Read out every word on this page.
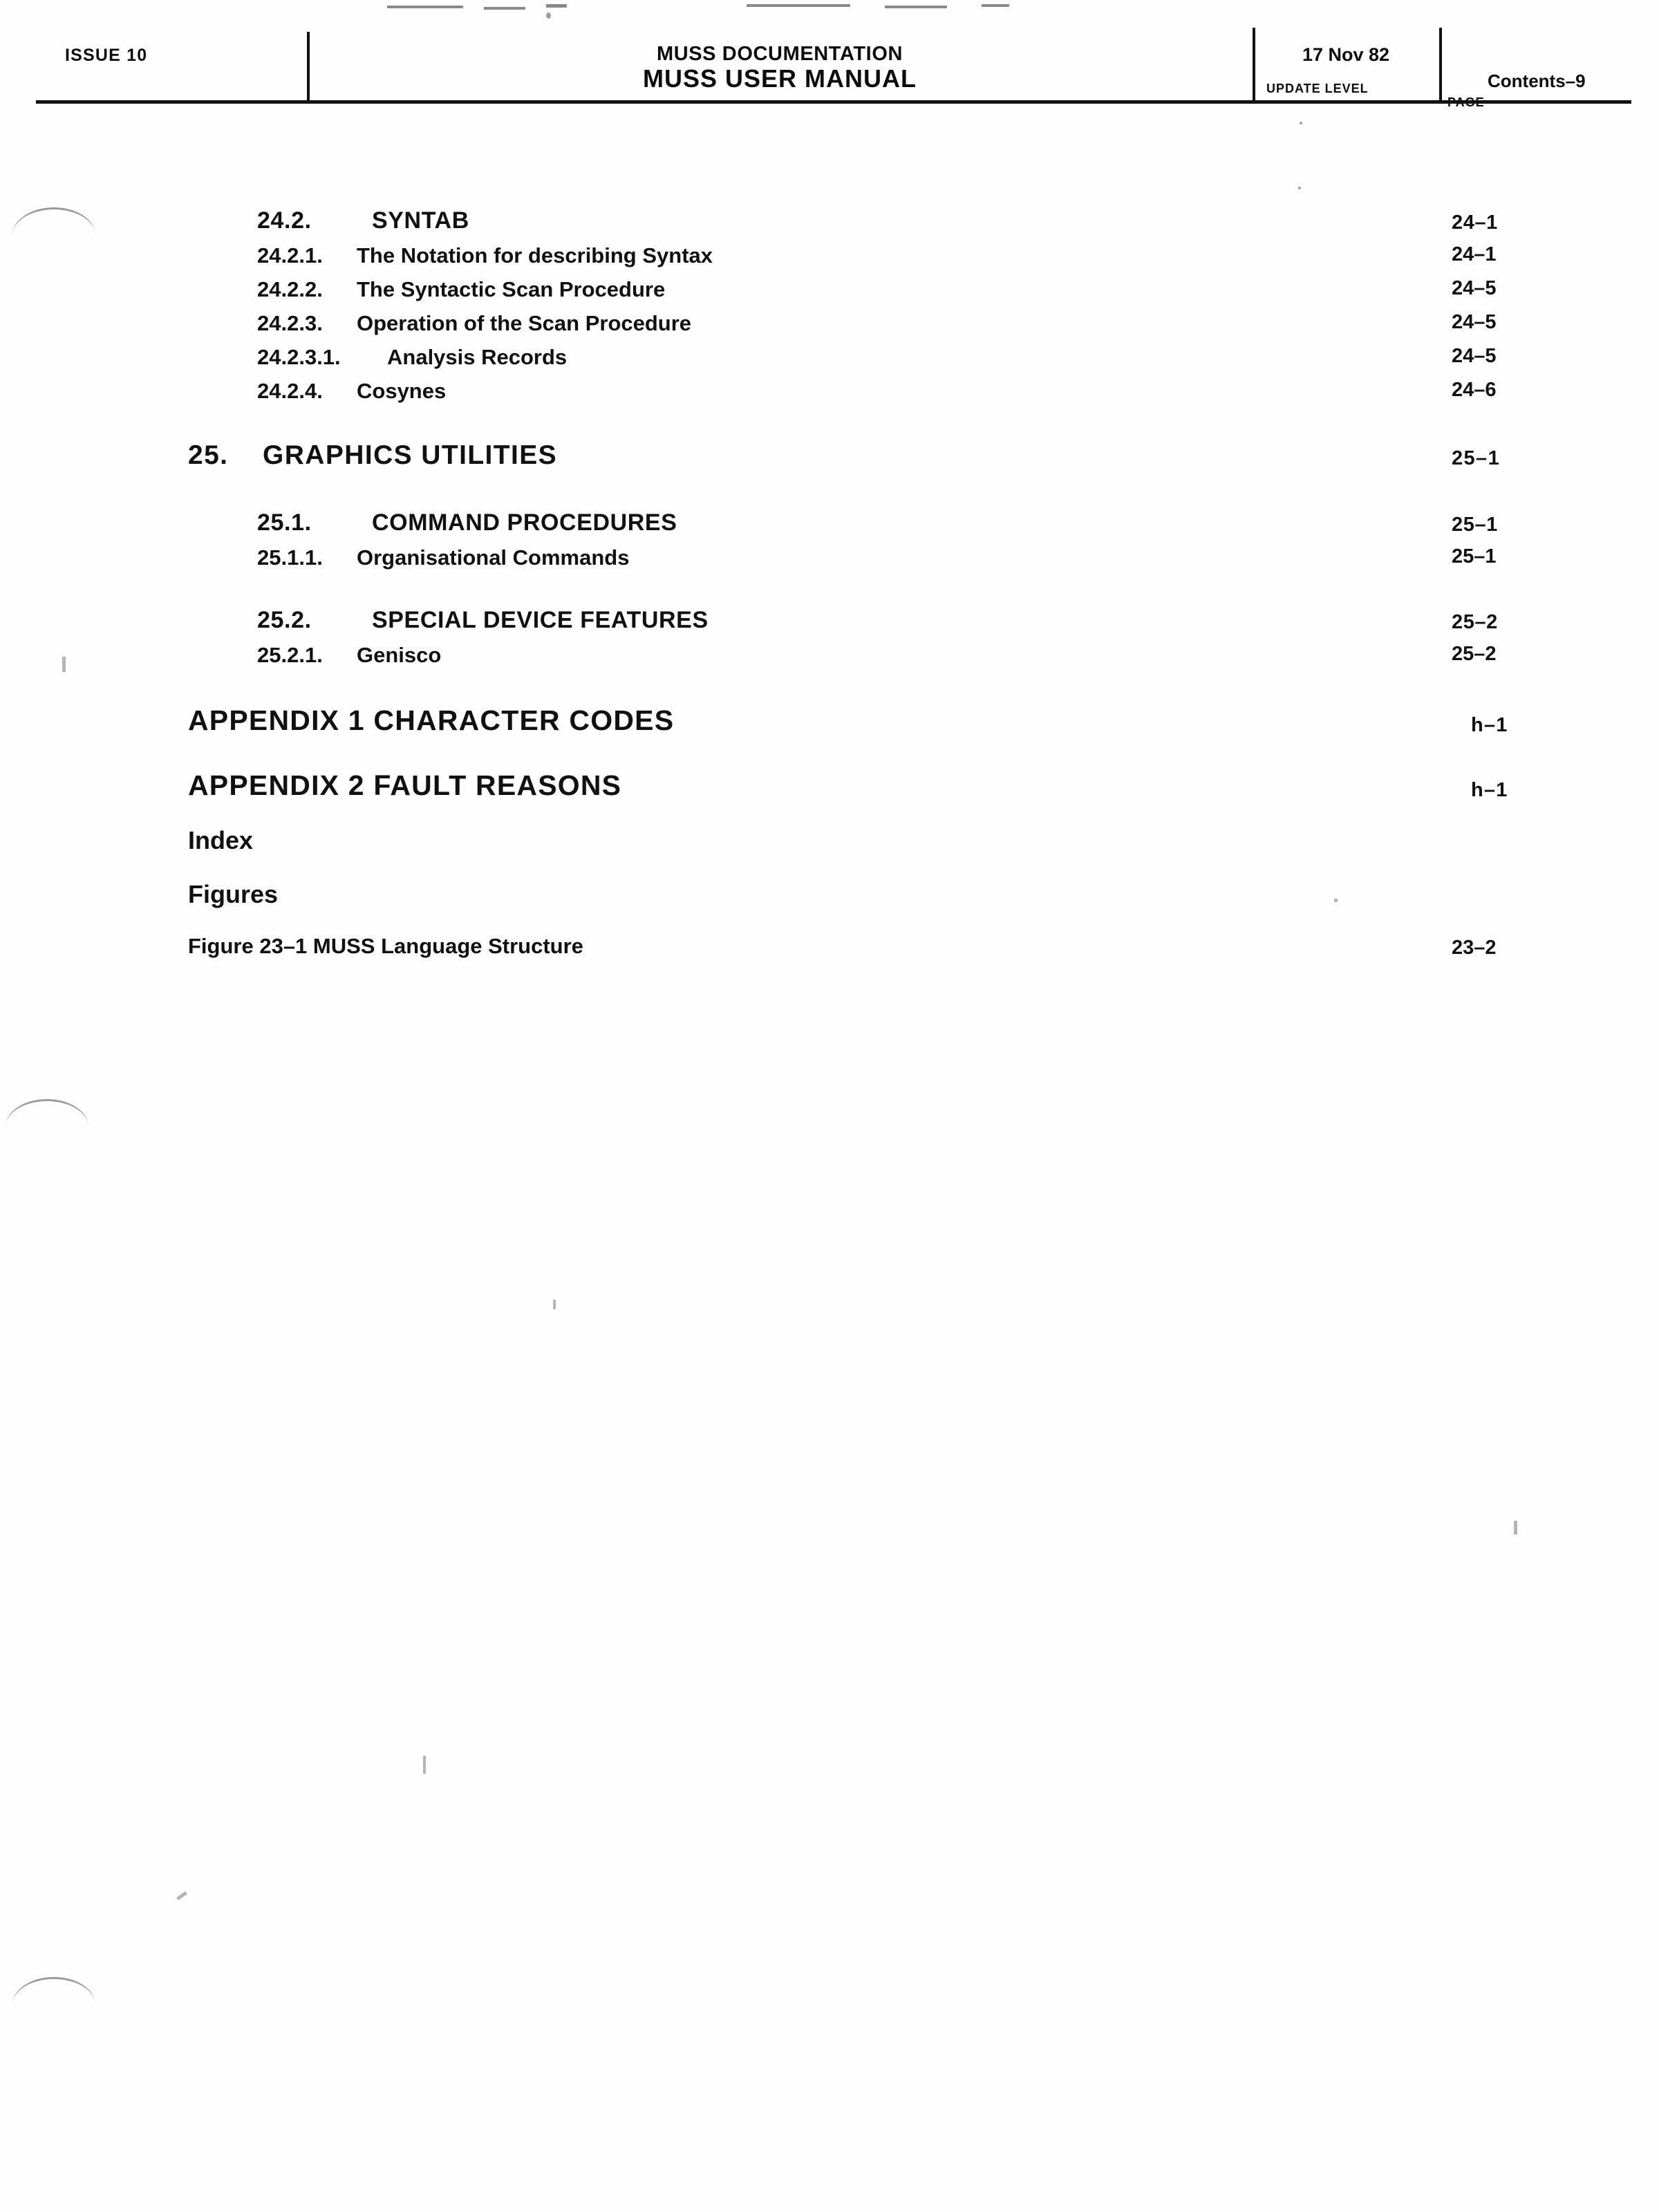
ISSUE 10	MUSS DOCUMENTATION
MUSS USER MANUAL
17 Nov 82
UPDATE LEVEL	Contents–9
24.2.	SYNTAB	24–1
24.2.1. The Notation for describing Syntax	24–1
24.2.2. The Syntactic Scan Procedure	24–5
24.2.3. Operation of the Scan Procedure	24–5
24.2.3.1. Analysis Records	24–5
24.2.4. Cosynes	24–6
25. GRAPHICS UTILITIES	25–1
25.1.	COMMAND PROCEDURES	25–1
25.1.1. Organisational Commands	25–1
25.2.	SPECIAL DEVICE FEATURES	25–2
25.2.1. Genisco	25–2
APPENDIX 1 CHARACTER CODES	h–1
APPENDIX 2 FAULT REASONS	h–1
Index
Figures
Figure 23–1 MUSS Language Structure	23–2
